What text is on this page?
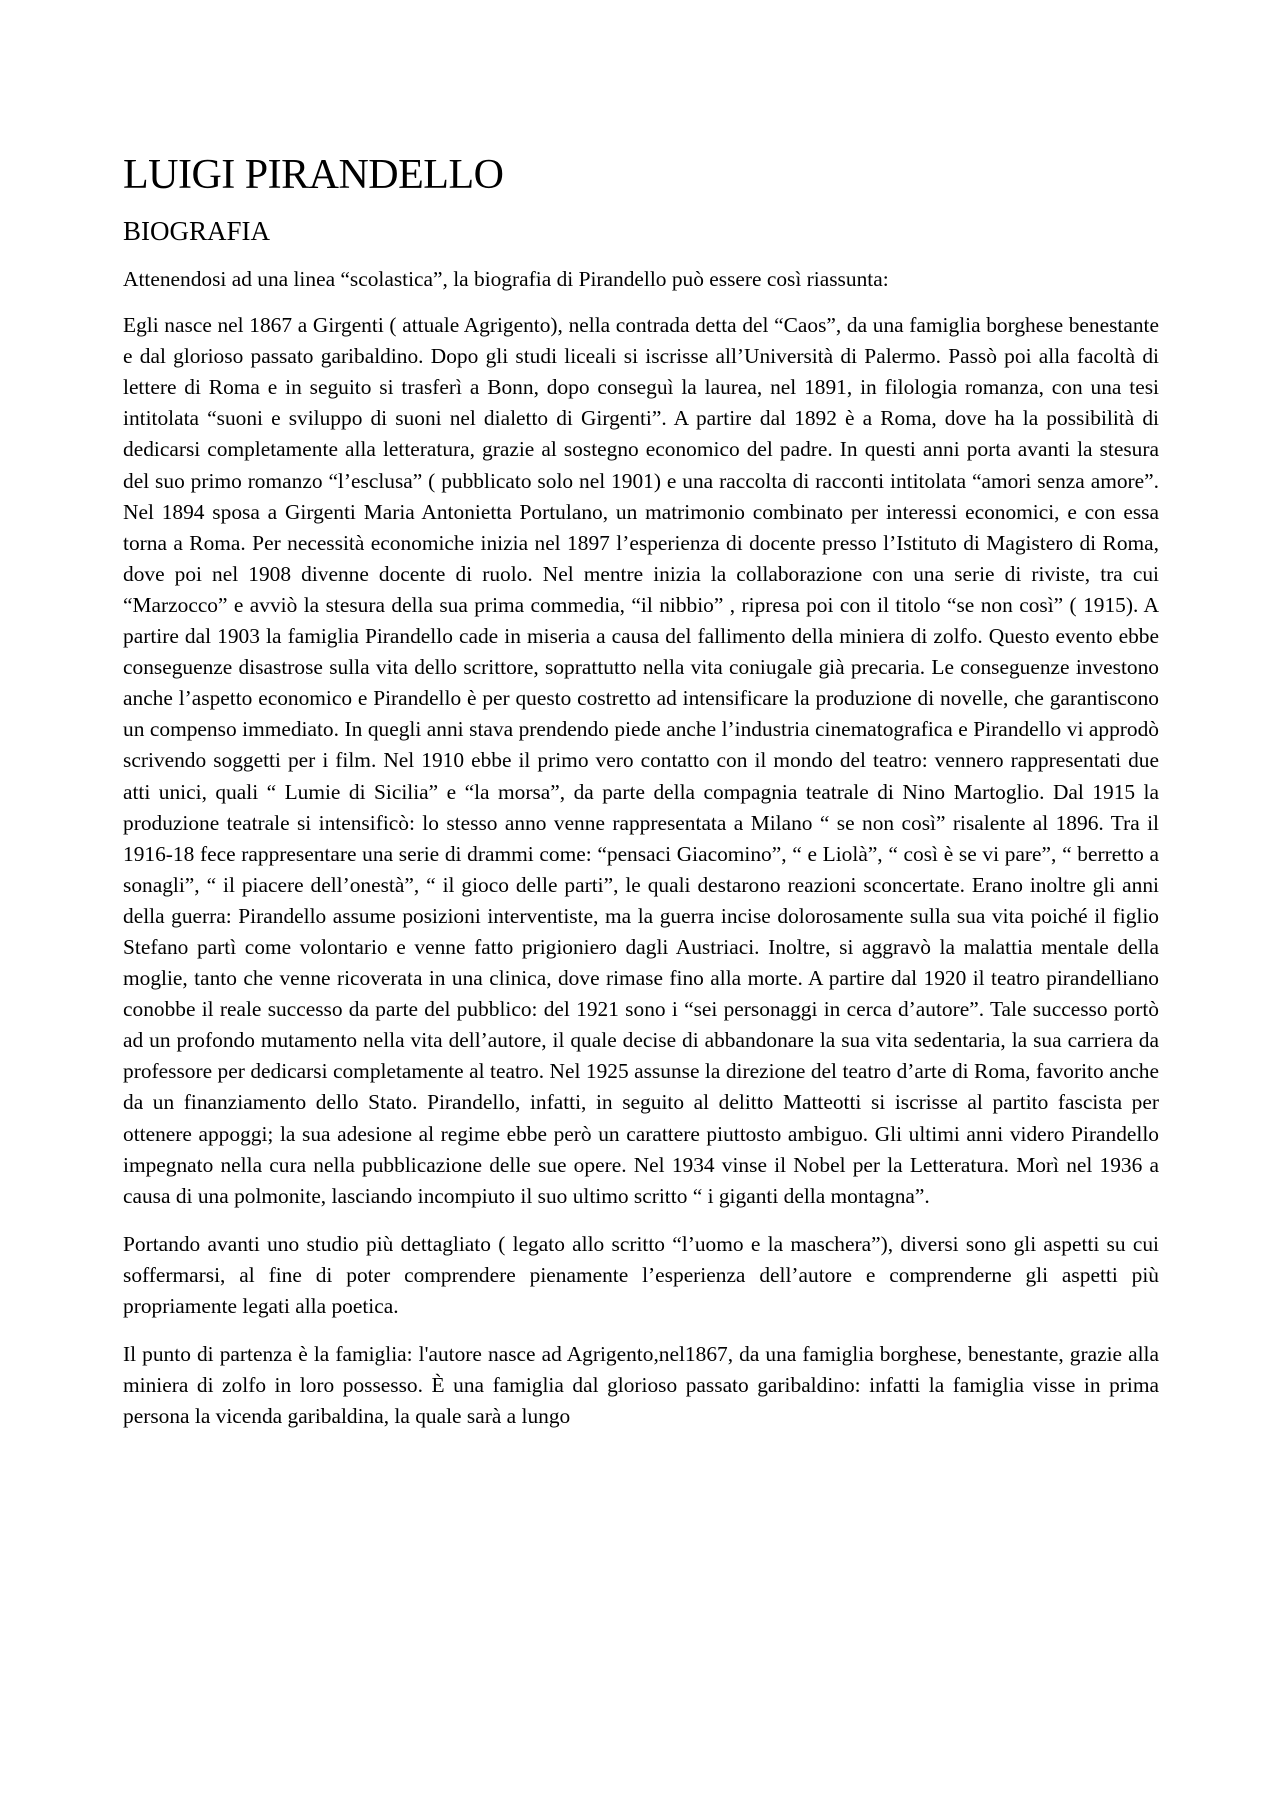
LUIGI PIRANDELLO
BIOGRAFIA

Attenendosi ad una linea “scolastica”, la biografia di Pirandello può essere così riassunta:

Egli nasce nel 1867 a Girgenti ( attuale Agrigento), nella contrada detta del “Caos”, da una famiglia borghese benestante e dal glorioso passato garibaldino. Dopo gli studi liceali si iscrisse all’Università di Palermo. Passò poi alla facoltà di lettere di Roma e in seguito si trasferì a Bonn, dopo conseguì la laurea, nel 1891, in filologia romanza, con una tesi intitolata “suoni e sviluppo di suoni nel dialetto di Girgenti”. A partire dal 1892 è a Roma, dove ha la possibilità di dedicarsi completamente alla letteratura, grazie al sostegno economico del padre. In questi anni porta avanti la stesura del suo primo romanzo “l’esclusa” ( pubblicato solo nel 1901) e una raccolta di racconti intitolata “amori senza amore”. Nel 1894 sposa a Girgenti Maria Antonietta Portulano, un matrimonio combinato per interessi economici, e con essa torna a Roma. Per necessità economiche inizia nel 1897 l’esperienza di docente presso l’Istituto di Magistero di Roma, dove poi nel 1908 divenne docente di ruolo. Nel mentre inizia la collaborazione con una serie di riviste, tra cui “Marzocco” e avviò la stesura della sua prima commedia, “il nibbio” , ripresa poi con il titolo “se non così” ( 1915). A partire dal 1903 la famiglia Pirandello cade in miseria a causa del fallimento della miniera di zolfo. Questo evento ebbe conseguenze disastrose sulla vita dello scrittore, soprattutto nella vita coniugale già precaria. Le conseguenze investono anche l’aspetto economico e Pirandello è per questo costretto ad intensificare la produzione di novelle, che garantiscono un compenso immediato. In quegli anni stava prendendo piede anche l’industria cinematografica e Pirandello vi approdò scrivendo soggetti per i film. Nel 1910 ebbe il primo vero contatto con il mondo del teatro: vennero rappresentati due atti unici, quali “ Lumie di Sicilia” e “la morsa”, da parte della compagnia teatrale di Nino Martoglio. Dal 1915 la produzione teatrale si intensificò: lo stesso anno venne rappresentata a Milano “ se non così” risalente al 1896. Tra il 1916-18 fece rappresentare una serie di drammi come: “pensaci Giacomino”, “ e Liolà”, “ così è se vi pare”, “ berretto a sonagli”, “ il piacere dell’onestà”, “ il gioco delle parti”, le quali destarono reazioni sconcertate. Erano inoltre gli anni della guerra: Pirandello assume posizioni interventiste, ma la guerra incise dolorosamente sulla sua vita poiché il figlio Stefano partì come volontario e venne fatto prigioniero dagli Austriaci. Inoltre, si aggravò la malattia mentale della moglie, tanto che venne ricoverata in una clinica, dove rimase fino alla morte. A partire dal 1920 il teatro pirandelliano conobbe il reale successo da parte del pubblico: del 1921 sono i “sei personaggi in cerca d’autore”. Tale successo portò ad un profondo mutamento nella vita dell’autore, il quale decise di abbandonare la sua vita sedentaria, la sua carriera da professore per dedicarsi completamente al teatro. Nel 1925 assunse la direzione del teatro d’arte di Roma, favorito anche da un finanziamento dello Stato. Pirandello, infatti, in seguito al delitto Matteotti si iscrisse al partito fascista per ottenere appoggi; la sua adesione al regime ebbe però un carattere piuttosto ambiguo. Gli ultimi anni videro Pirandello impegnato nella cura nella pubblicazione delle sue opere. Nel 1934 vinse il Nobel per la Letteratura. Morì nel 1936 a causa di una polmonite, lasciando incompiuto il suo ultimo scritto “ i giganti della montagna”.

Portando avanti uno studio più dettagliato ( legato allo scritto “l’uomo e la maschera”), diversi sono gli aspetti su cui soffermarsi, al fine di poter comprendere pienamente l’esperienza dell’autore e comprenderne gli aspetti più propriamente legati alla poetica.

Il punto di partenza è la famiglia: l'autore nasce ad Agrigento,nel1867, da una famiglia borghese, benestante, grazie alla miniera di zolfo in loro possesso. È una famiglia dal glorioso passato garibaldino: infatti la famiglia visse in prima persona la vicenda garibaldina, la quale sarà a lungo
